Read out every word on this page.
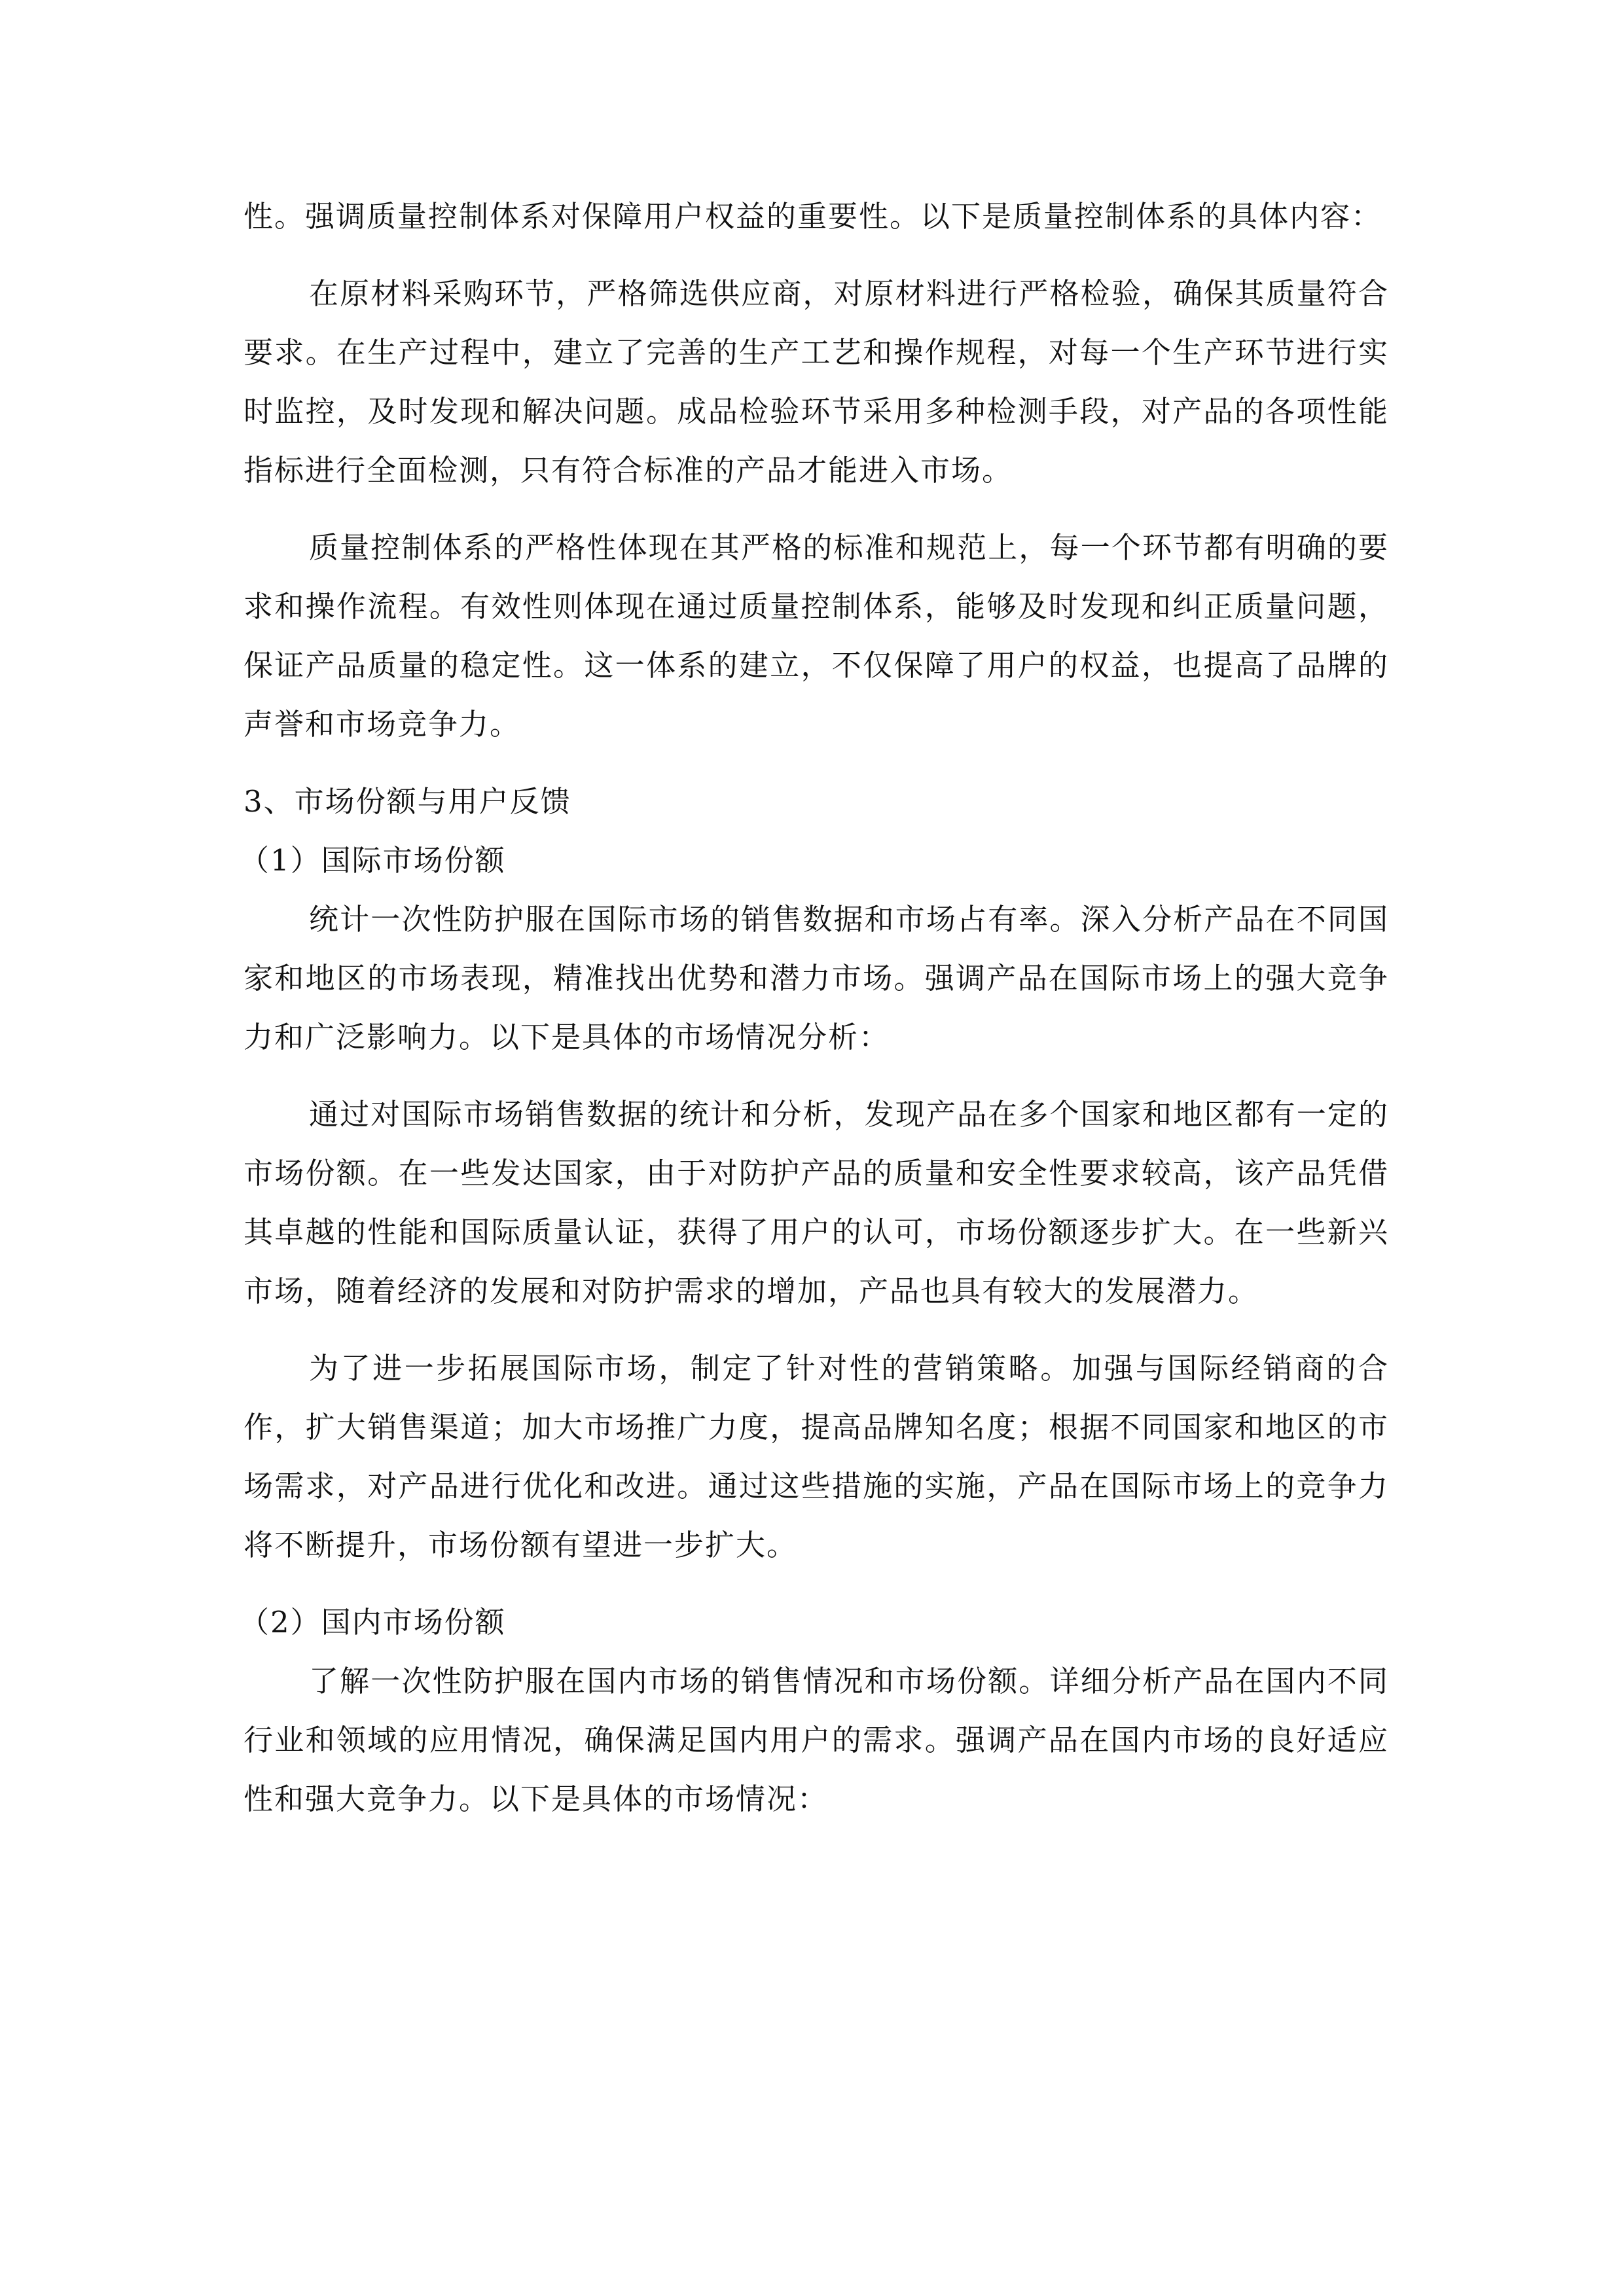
性。强调质量控制体系对保障用户权益的重要性。以下是质量控制体系的具体内容：

在原材料采购环节，严格筛选供应商，对原材料进行严格检验，确保其质量符合要求。在生产过程中，建立了完善的生产工艺和操作规程，对每一个生产环节进行实时监控，及时发现和解决问题。成品检验环节采用多种检测手段，对产品的各项性能指标进行全面检测，只有符合标准的产品才能进入市场。

质量控制体系的严格性体现在其严格的标准和规范上，每一个环节都有明确的要求和操作流程。有效性则体现在通过质量控制体系，能够及时发现和纠正质量问题，保证产品质量的稳定性。这一体系的建立，不仅保障了用户的权益，也提高了品牌的声誉和市场竞争力。

3、市场份额与用户反馈
（1）国际市场份额

统计一次性防护服在国际市场的销售数据和市场占有率。深入分析产品在不同国家和地区的市场表现，精准找出优势和潜力市场。强调产品在国际市场上的强大竞争力和广泛影响力。以下是具体的市场情况分析：

通过对国际市场销售数据的统计和分析，发现产品在多个国家和地区都有一定的市场份额。在一些发达国家，由于对防护产品的质量和安全性要求较高，该产品凭借其卓越的性能和国际质量认证，获得了用户的认可，市场份额逐步扩大。在一些新兴市场，随着经济的发展和对防护需求的增加，产品也具有较大的发展潜力。

为了进一步拓展国际市场，制定了针对性的营销策略。加强与国际经销商的合作，扩大销售渠道；加大市场推广力度，提高品牌知名度；根据不同国家和地区的市场需求，对产品进行优化和改进。通过这些措施的实施，产品在国际市场上的竞争力将不断提升，市场份额有望进一步扩大。

（2）国内市场份额

了解一次性防护服在国内市场的销售情况和市场份额。详细分析产品在国内不同行业和领域的应用情况，确保满足国内用户的需求。强调产品在国内市场的良好适应性和强大竞争力。以下是具体的市场情况：
